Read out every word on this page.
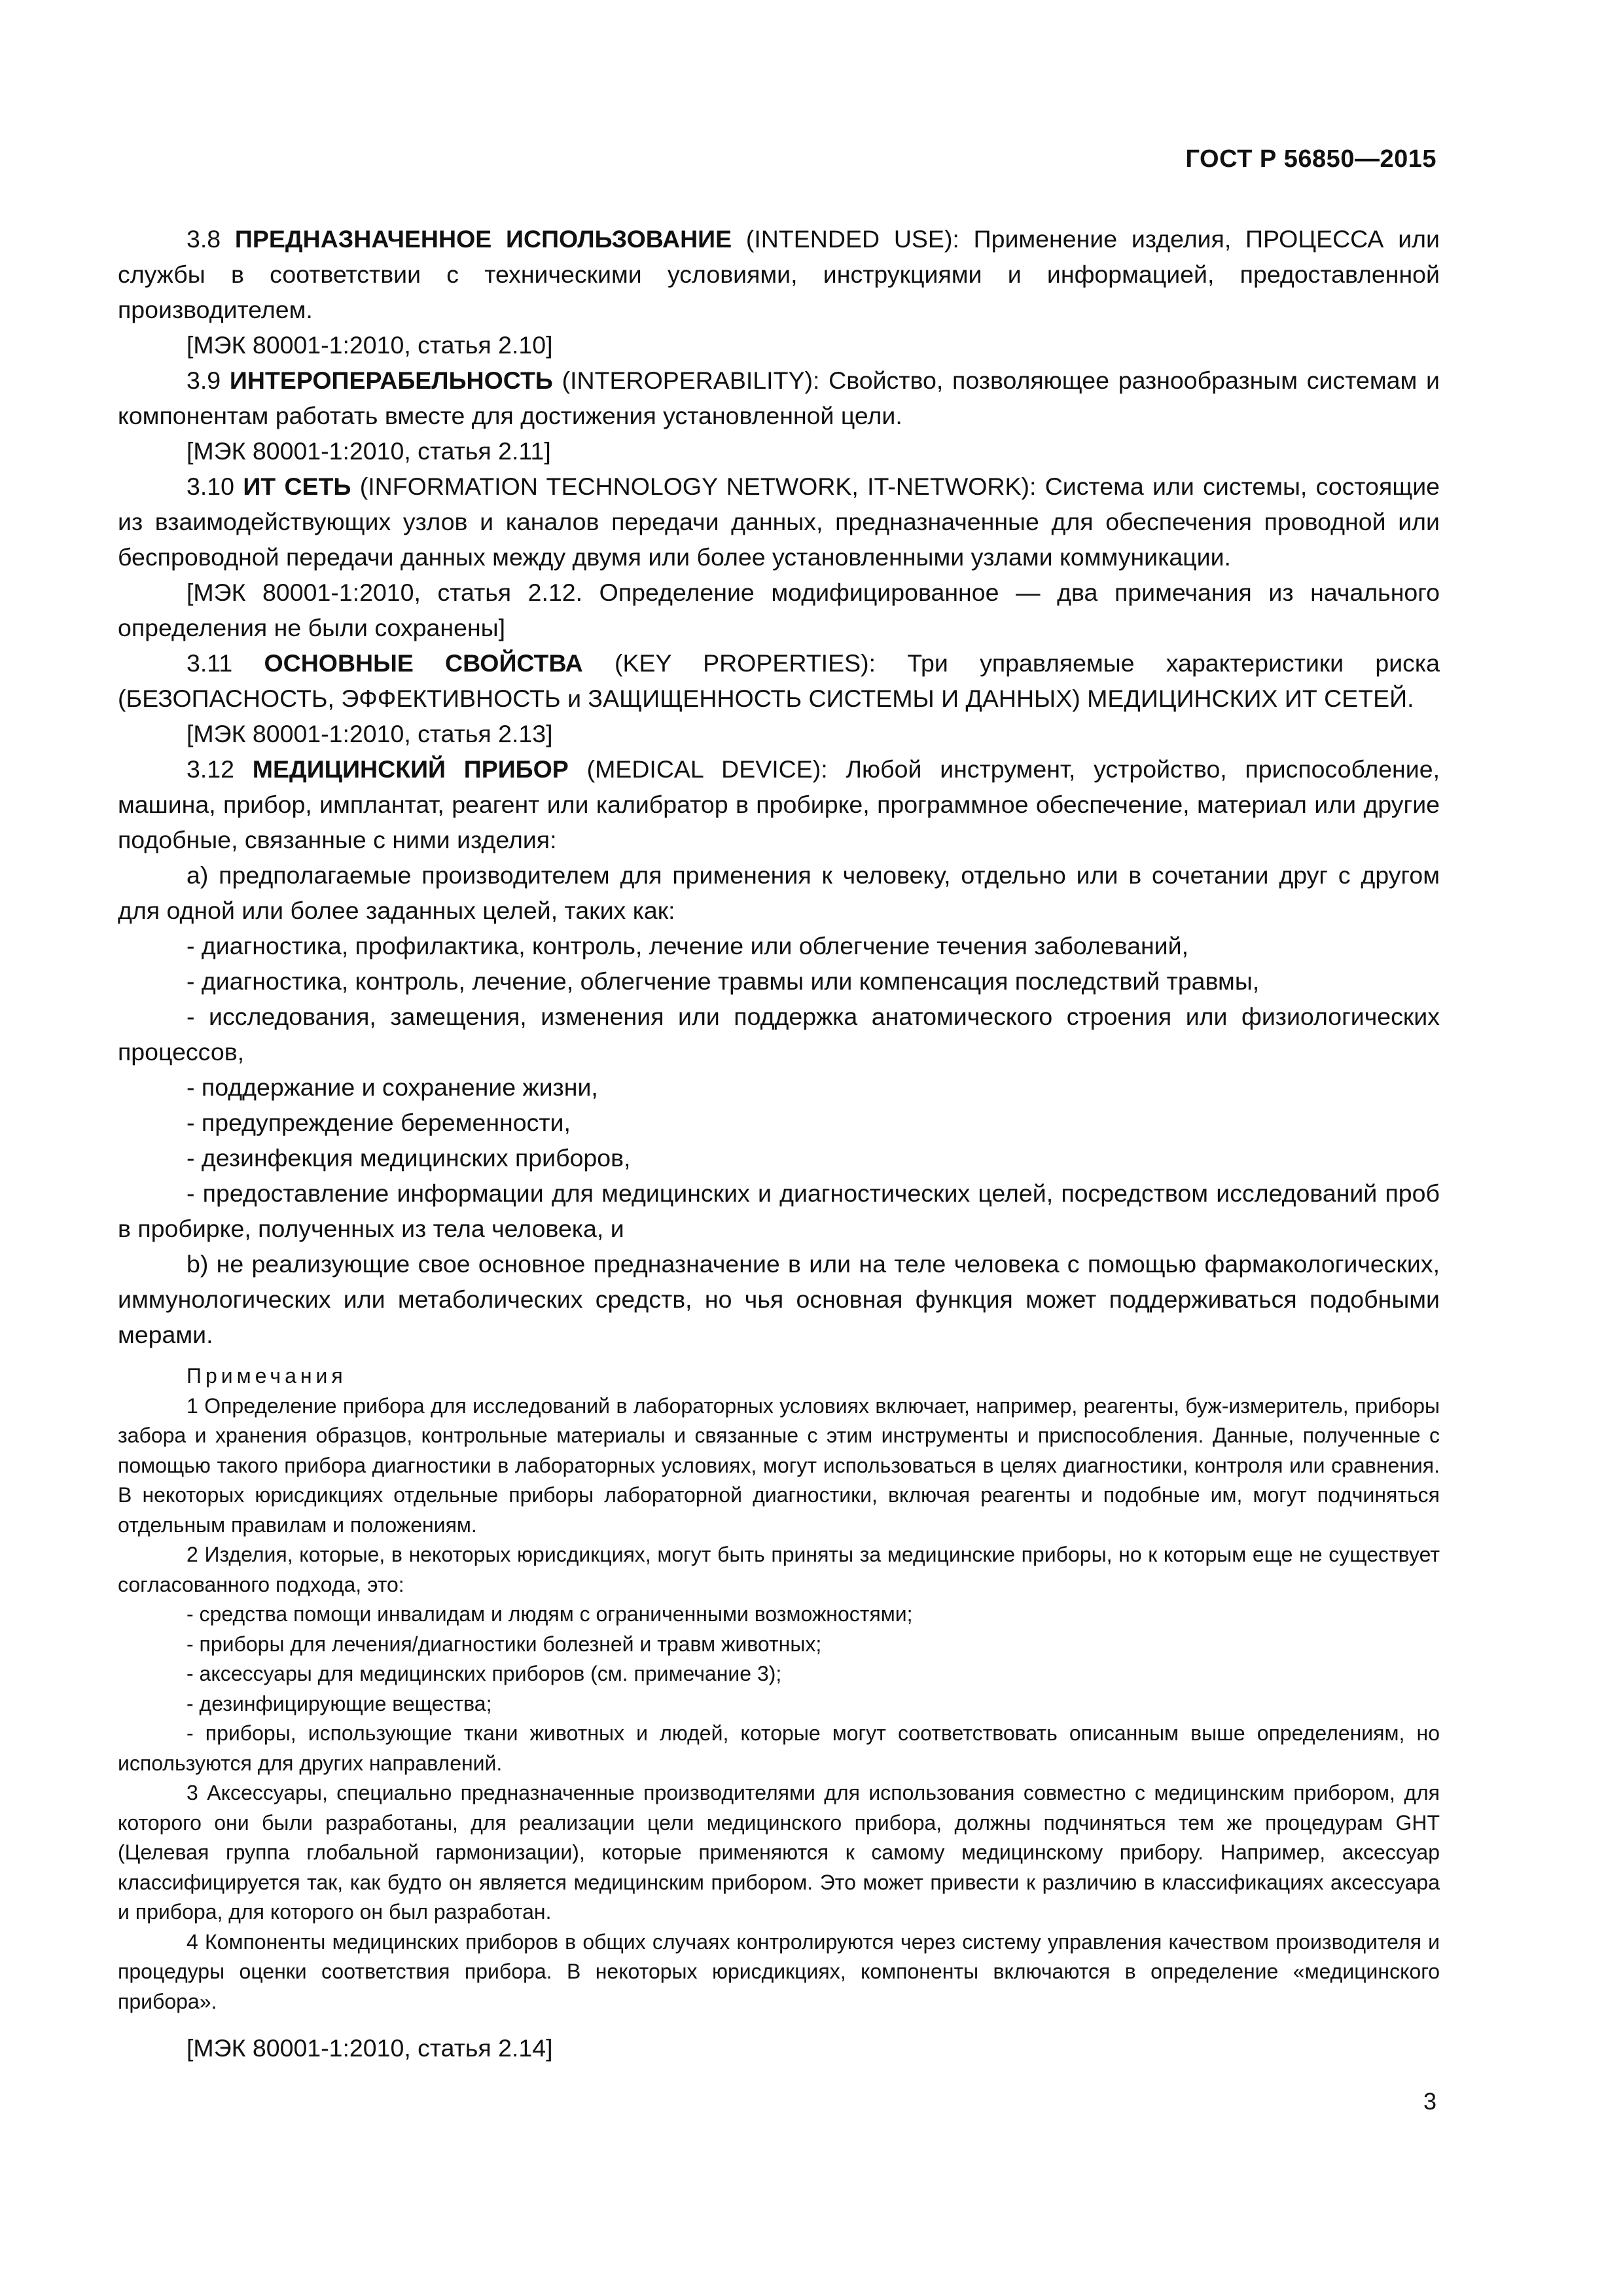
ГОСТ Р 56850—2015

3.8 ПРЕДНАЗНАЧЕННОЕ ИСПОЛЬЗОВАНИЕ (INTENDED USE): Применение изделия, ПРОЦЕССА или службы в соответствии с техническими условиями, инструкциями и информацией, предоставленной производителем.

[МЭК 80001-1:2010, статья 2.10]

3.9 ИНТЕРОПЕРАБЕЛЬНОСТЬ (INTEROPERABILITY): Свойство, позволяющее разнообразным системам и компонентам работать вместе для достижения установленной цели.

[МЭК 80001-1:2010, статья 2.11]

3.10 ИТ СЕТЬ (INFORMATION TECHNOLOGY NETWORK, IT-NETWORK): Система или системы, состоящие из взаимодействующих узлов и каналов передачи данных, предназначенные для обеспечения проводной или беспроводной передачи данных между двумя или более установленными узлами коммуникации.

[МЭК 80001-1:2010, статья 2.12. Определение модифицированное — два примечания из начального определения не были сохранены]

3.11 ОСНОВНЫЕ СВОЙСТВА (KEY PROPERTIES): Три управляемые характеристики риска (БЕЗОПАСНОСТЬ, ЭФФЕКТИВНОСТЬ и ЗАЩИЩЕННОСТЬ СИСТЕМЫ И ДАННЫХ) МЕДИЦИНСКИХ ИТ СЕТЕЙ.

[МЭК 80001-1:2010, статья 2.13]

3.12 МЕДИЦИНСКИЙ ПРИБОР (MEDICAL DEVICE): Любой инструмент, устройство, приспособление, машина, прибор, имплантат, реагент или калибратор в пробирке, программное обеспечение, материал или другие подобные, связанные с ними изделия:

a) предполагаемые производителем для применения к человеку, отдельно или в сочетании друг с другом для одной или более заданных целей, таких как:

- диагностика, профилактика, контроль, лечение или облегчение течения заболеваний,

- диагностика, контроль, лечение, облегчение травмы или компенсация последствий травмы,

- исследования, замещения, изменения или поддержка анатомического строения или физиологических процессов,

- поддержание и сохранение жизни,

- предупреждение беременности,

- дезинфекция медицинских приборов,

- предоставление информации для медицинских и диагностических целей, посредством исследований проб в пробирке, полученных из тела человека, и

b) не реализующие свое основное предназначение в или на теле человека с помощью фармакологических, иммунологических или метаболических средств, но чья основная функция может поддерживаться подобными мерами.

Примечания

1 Определение прибора для исследований в лабораторных условиях включает, например, реагенты, буж-измеритель, приборы забора и хранения образцов, контрольные материалы и связанные с этим инструменты и приспособления. Данные, полученные с помощью такого прибора диагностики в лабораторных условиях, могут использоваться в целях диагностики, контроля или сравнения. В некоторых юрисдикциях отдельные приборы лабораторной диагностики, включая реагенты и подобные им, могут подчиняться отдельным правилам и положениям.

2 Изделия, которые, в некоторых юрисдикциях, могут быть приняты за медицинские приборы, но к которым еще не существует согласованного подхода, это:

- средства помощи инвалидам и людям с ограниченными возможностями;

- приборы для лечения/диагностики болезней и травм животных;

- аксессуары для медицинских приборов (см. примечание 3);

- дезинфицирующие вещества;

- приборы, использующие ткани животных и людей, которые могут соответствовать описанным выше определениям, но используются для других направлений.

3 Аксессуары, специально предназначенные производителями для использования совместно с медицинским прибором, для которого они были разработаны, для реализации цели медицинского прибора, должны подчиняться тем же процедурам GHT (Целевая группа глобальной гармонизации), которые применяются к самому медицинскому прибору. Например, аксессуар классифицируется так, как будто он является медицинским прибором. Это может привести к различию в классификациях аксессуара и прибора, для которого он был разработан.

4 Компоненты медицинских приборов в общих случаях контролируются через систему управления качеством производителя и процедуры оценки соответствия прибора. В некоторых юрисдикциях, компоненты включаются в определение «медицинского прибора».

[МЭК 80001-1:2010, статья 2.14]
3
